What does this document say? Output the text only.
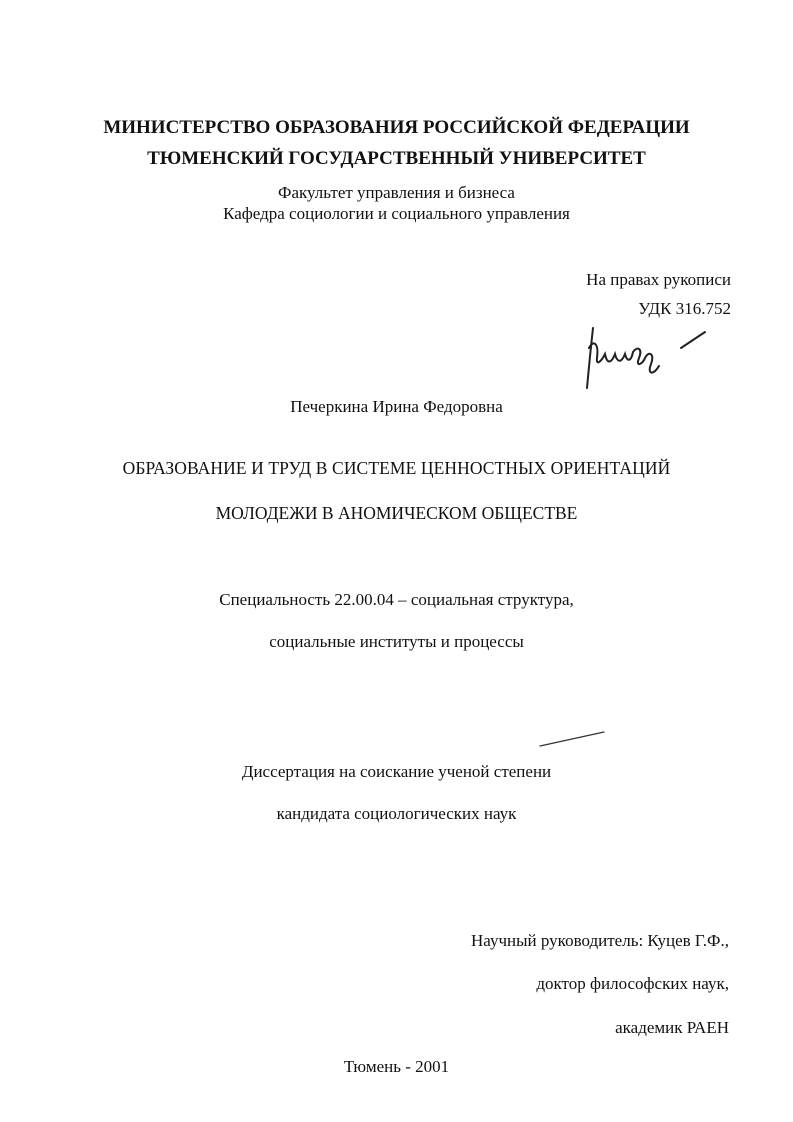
МИНИСТЕРСТВО ОБРАЗОВАНИЯ РОССИЙСКОЙ ФЕДЕРАЦИИ
ТЮМЕНСКИЙ ГОСУДАРСТВЕННЫЙ УНИВЕРСИТЕТ
Факультет управления и бизнеса
Кафедра социологии и социального управления
На правах рукописи
УДК 316.752
Печеркина Ирина Федоровна
ОБРАЗОВАНИЕ И ТРУД В СИСТЕМЕ ЦЕННОСТНЫХ ОРИЕНТАЦИЙ
МОЛОДЕЖИ В АНОМИЧЕСКОМ ОБЩЕСТВЕ
Специальность 22.00.04 – социальная структура,
социальные институты и процессы
Диссертация на соискание ученой степени
кандидата социологических наук
Научный руководитель: Куцев Г.Ф.,
доктор философских наук,
академик РАЕН
Тюмень - 2001
